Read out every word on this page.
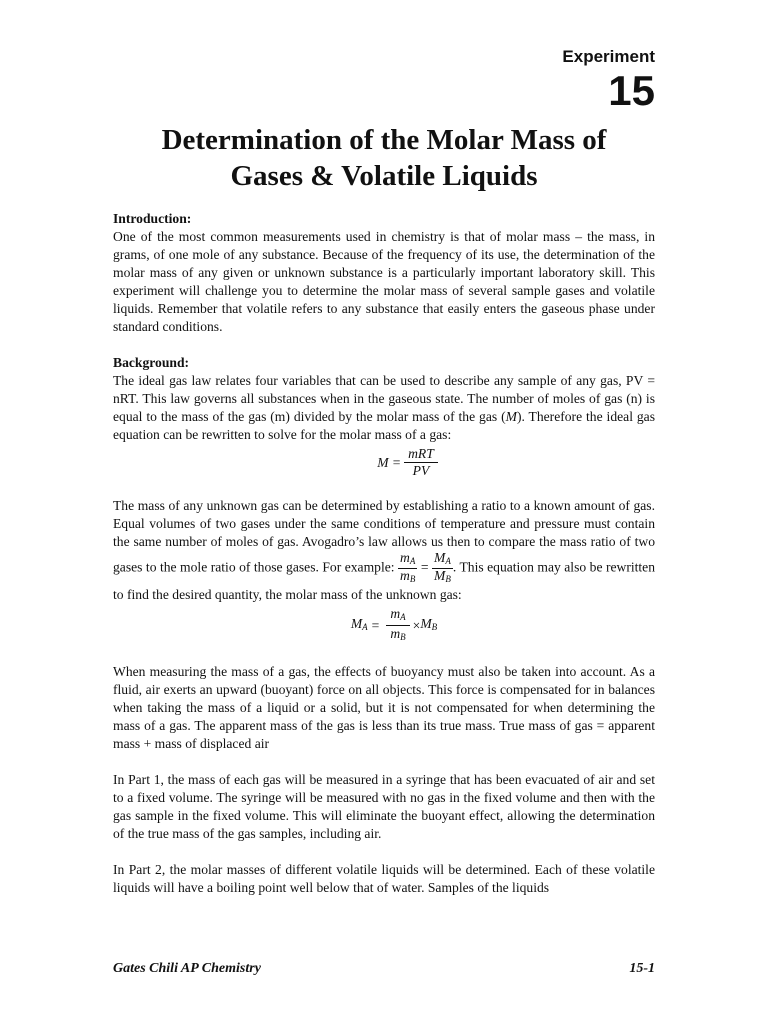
Experiment
15
Determination of the Molar Mass of
Gases & Volatile Liquids
Introduction:

One of the most common measurements used in chemistry is that of molar mass – the mass, in grams, of one mole of any substance. Because of the frequency of its use, the determination of the molar mass of any given or unknown substance is a particularly important laboratory skill. This experiment will challenge you to determine the molar mass of several sample gases and volatile liquids. Remember that volatile refers to any substance that easily enters the gaseous phase under standard conditions.

Background:

The ideal gas law relates four variables that can be used to describe any sample of any gas, PV = nRT. This law governs all substances when in the gaseous state. The number of moles of gas (n) is equal to the mass of the gas (m) divided by the molar mass of the gas (M). Therefore the ideal gas equation can be rewritten to solve for the molar mass of a gas:

$M = \frac{\text{mRT}}{PV}$

The mass of any unknown gas can be determined by establishing a ratio to a known amount of gas. Equal volumes of two gases under the same conditions of temperature and pressure must contain the same number of moles of gas. Avogadro’s law allows us then to compare the mass ratio of two gases to the mole ratio of those gases. For example: $\frac{m_A}{m_B} = \frac{M_A}{M_B}$ . This equation may also be rewritten to find the desired quantity, the molar mass of the unknown gas:

$M_A = \frac{m_A}{m_B} \times M_B$

When measuring the mass of a gas, the effects of buoyancy must also be taken into account. As a fluid, air exerts an upward (buoyant) force on all objects. This force is compensated for in balances when taking the mass of a liquid or a solid, but it is not compensated for when determining the mass of a gas. The apparent mass of the gas is less than its true mass. True mass of gas = apparent mass + mass of displaced air

In Part 1, the mass of each gas will be measured in a syringe that has been evacuated of air and set to a fixed volume. The syringe will be measured with no gas in the fixed volume and then with the gas sample in the fixed volume. This will eliminate the buoyant effect, allowing the determination of the true mass of the gas samples, including air.

In Part 2, the molar masses of different volatile liquids will be determined. Each of these volatile liquids will have a boiling point well below that of water. Samples of the liquids

Gates Chili AP Chemistry	15-1
